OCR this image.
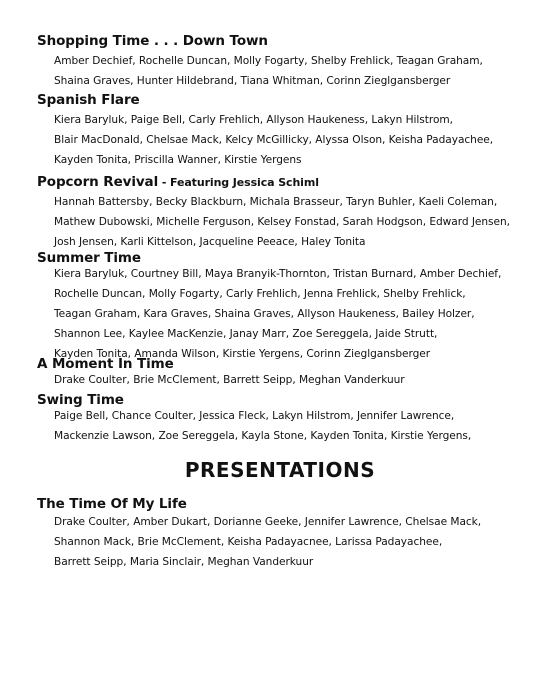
Shopping Time . . . Down Town
Amber Dechief, Rochelle Duncan, Molly Fogarty, Shelby Frehlick, Teagan Graham,
Shaina Graves, Hunter Hildebrand, Tiana Whitman, Corinn Zieglgansberger
Spanish Flare
Kiera Baryluk, Paige Bell, Carly Frehlich, Allyson Haukeness, Lakyn Hilstrom,
Blair MacDonald, Chelsae Mack, Kelcy McGillicky, Alyssa Olson, Keisha Padayachee,
Kayden Tonita, Priscilla Wanner, Kirstie Yergens
Popcorn Revival - Featuring Jessica Schiml
Hannah Battersby, Becky Blackburn, Michala Brasseur, Taryn Buhler, Kaeli Coleman,
Mathew Dubowski, Michelle Ferguson, Kelsey Fonstad, Sarah Hodgson, Edward Jensen,
Josh Jensen, Karli Kittelson, Jacqueline Peeace, Haley Tonita
Summer Time
Kiera Baryluk, Courtney Bill, Maya Branyik-Thornton, Tristan Burnard, Amber Dechief,
Rochelle Duncan, Molly Fogarty, Carly Frehlich, Jenna Frehlick, Shelby Frehlick,
Teagan Graham, Kara Graves, Shaina Graves, Allyson Haukeness, Bailey Holzer,
Shannon Lee, Kaylee MacKenzie, Janay Marr, Zoe Sereggela, Jaide Strutt,
Kayden Tonita, Amanda Wilson, Kirstie Yergens, Corinn Zieglgansberger
A Moment In Time
Drake Coulter, Brie McClement, Barrett Seipp, Meghan Vanderkuur
Swing Time
Paige Bell, Chance Coulter, Jessica Fleck, Lakyn Hilstrom, Jennifer Lawrence,
Mackenzie Lawson, Zoe Sereggela, Kayla Stone, Kayden Tonita, Kirstie Yergens,
PRESENTATIONS
The Time Of My Life
Drake Coulter, Amber Dukart, Dorianne Geeke, Jennifer Lawrence, Chelsae Mack,
Shannon Mack, Brie McClement, Keisha Padayacnee, Larissa Padayachee,
Barrett Seipp, Maria Sinclair, Meghan Vanderkuur
